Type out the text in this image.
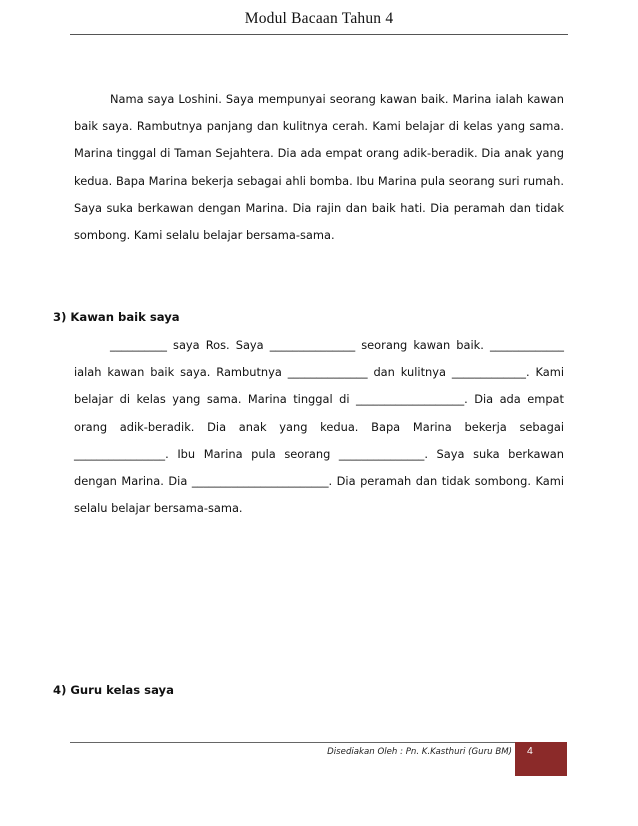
Modul Bacaan Tahun 4

Nama saya Loshini. Saya mempunyai seorang kawan baik. Marina ialah kawan baik saya. Rambutnya panjang dan kulitnya cerah. Kami belajar di kelas yang sama. Marina tinggal di Taman Sejahtera. Dia ada empat orang adik-beradik. Dia anak yang kedua. Bapa Marina bekerja sebagai ahli bomba. Ibu Marina pula seorang suri rumah. Saya suka berkawan dengan Marina. Dia rajin dan baik hati. Dia peramah dan tidak sombong. Kami selalu belajar bersama-sama.

3) Kawan baik saya

__________ saya Ros. Saya _______________ seorang kawan baik. _____________ ialah kawan baik saya. Rambutnya ______________ dan kulitnya _____________. Kami belajar di kelas yang sama. Marina tinggal di ___________________. Dia ada empat orang adik-beradik. Dia anak yang kedua. Bapa Marina bekerja sebagai ________________. Ibu Marina pula seorang _______________. Saya suka berkawan dengan Marina. Dia ________________________. Dia peramah dan tidak sombong. Kami selalu belajar bersama-sama.

4) Guru kelas saya
Disediakan Oleh : Pn. K.Kasthuri (Guru BM) 4
